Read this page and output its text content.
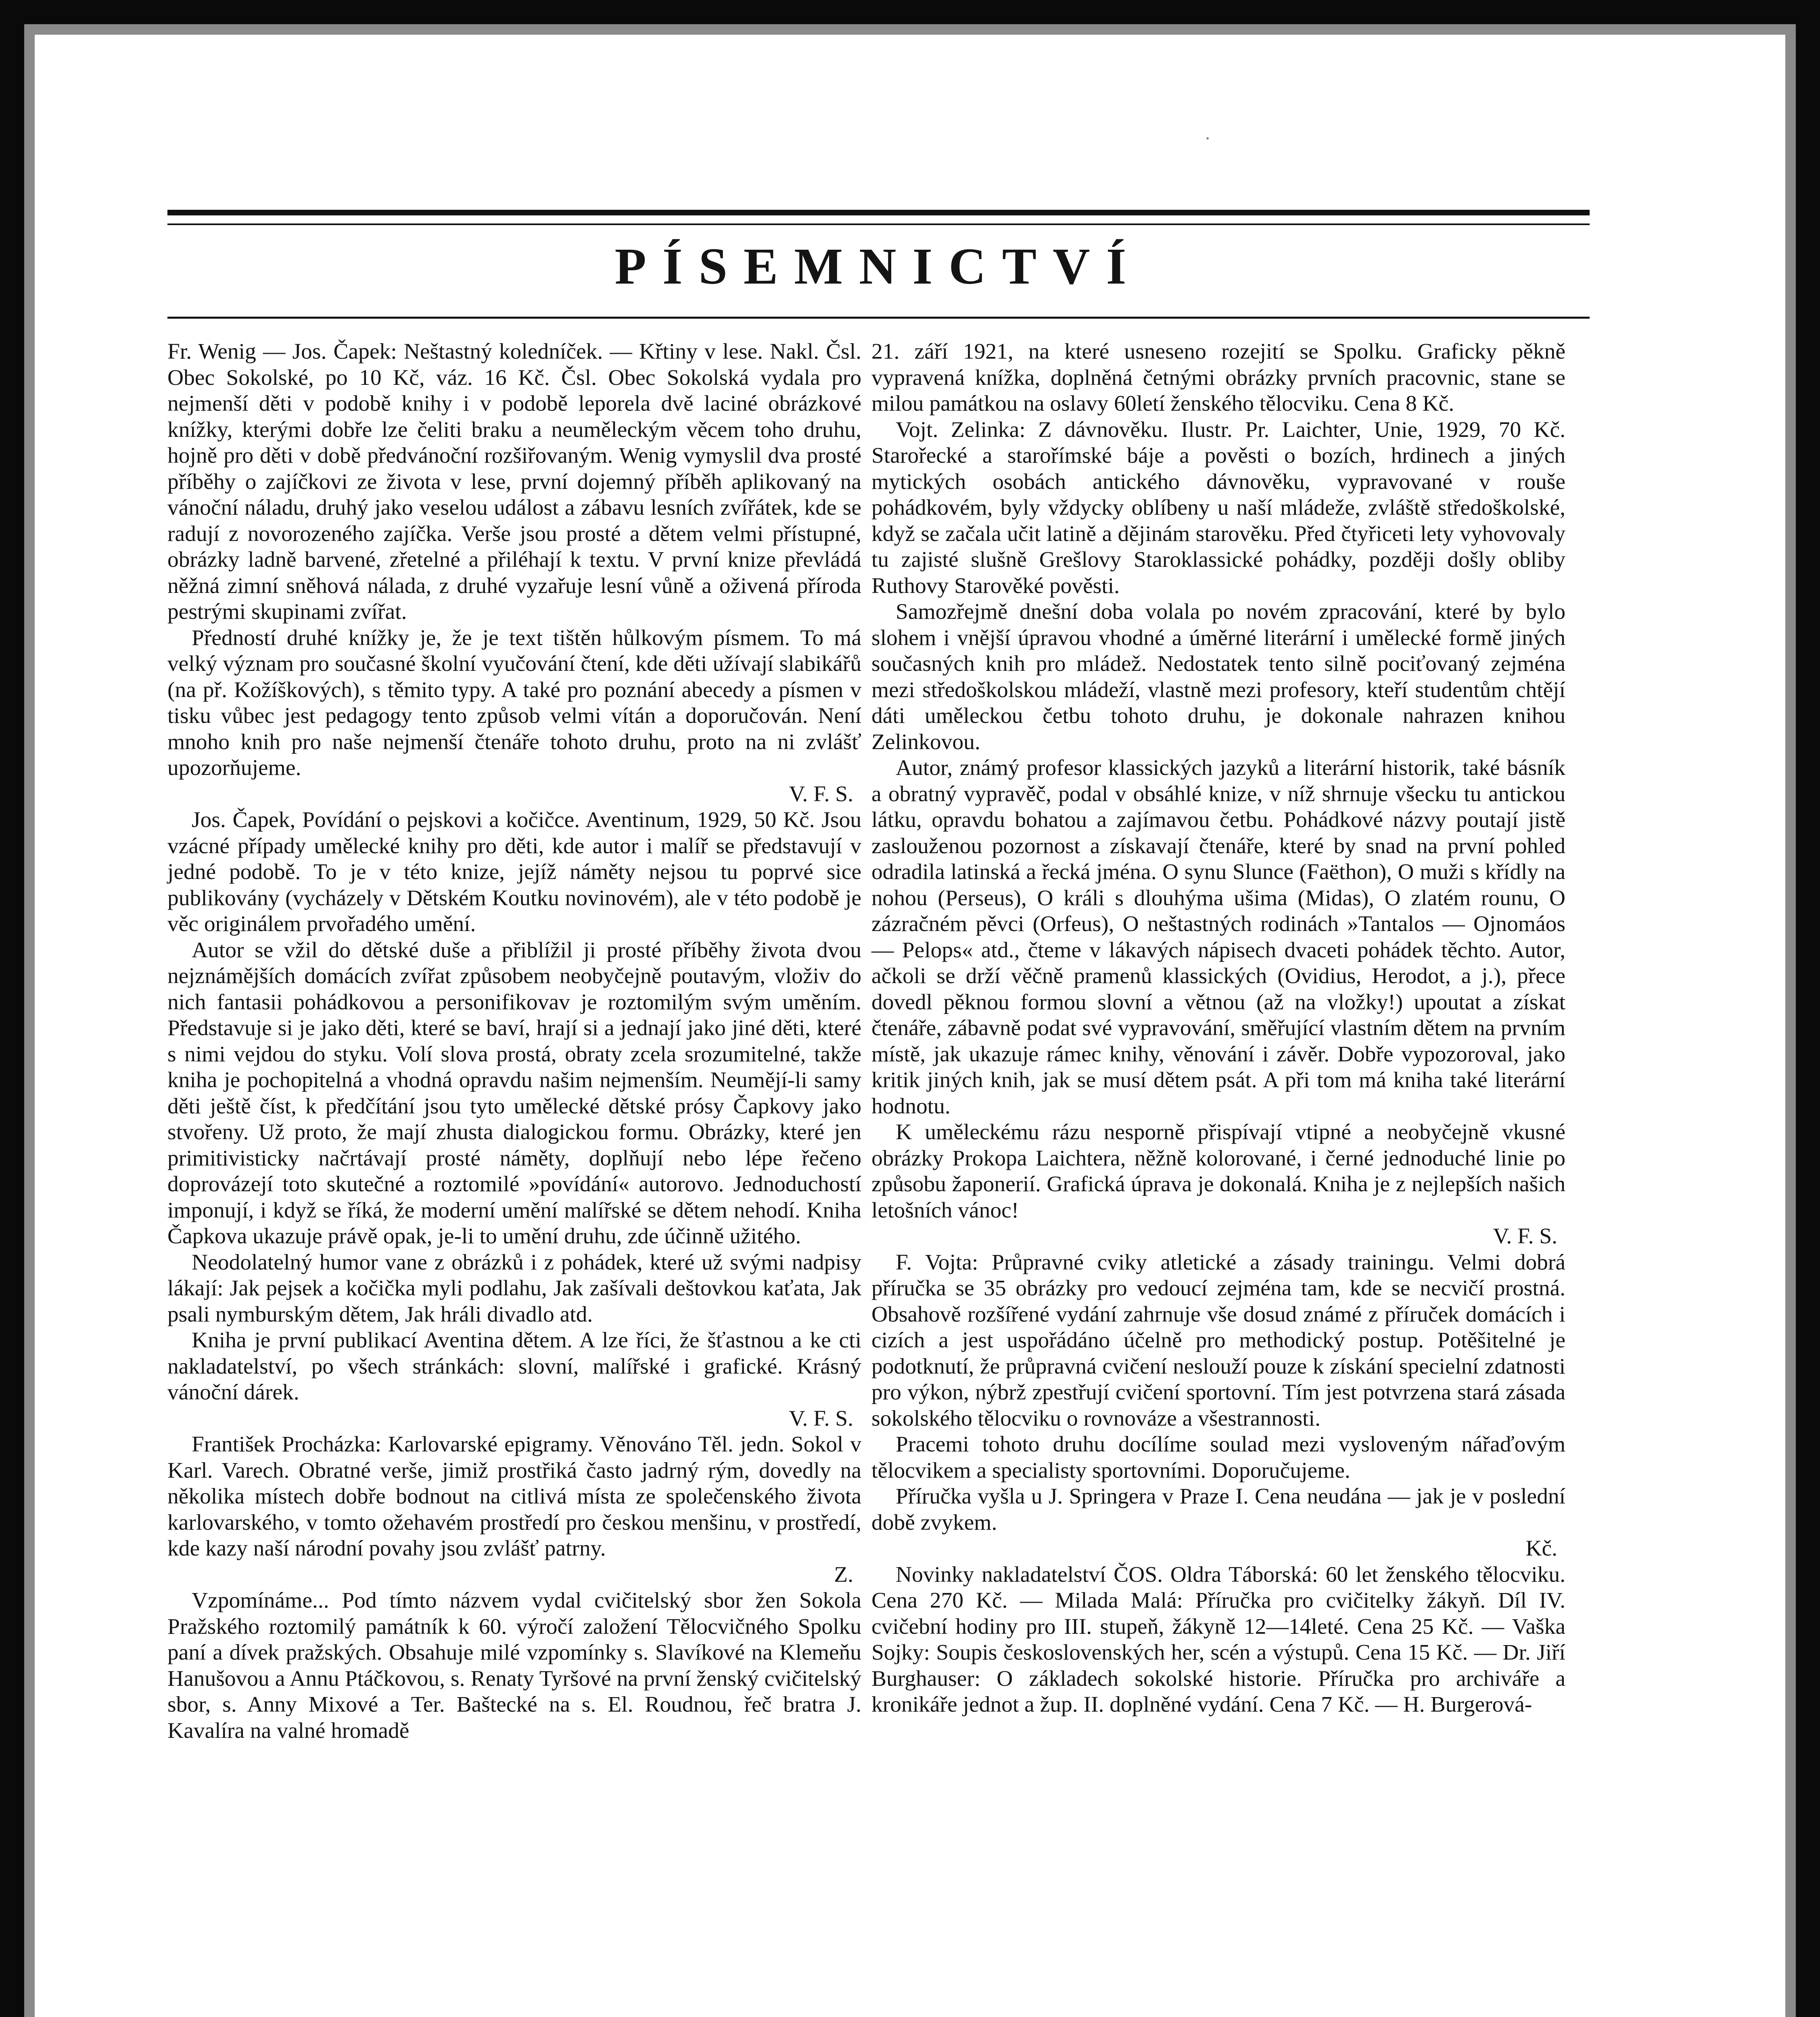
PÍSEMNICTVÍ

Fr. Wenig — Jos. Čapek: Neštastný koledníček. — Křtiny v lese. Nakl. Čsl. Obec Sokolské, po 10 Kč, váz. 16 Kč. Čsl. Obec Sokolská vydala pro nejmenší děti v podobě knihy i v podobě leporela dvě laciné obrázkové knížky, kterými dobře lze čeliti braku a neuměleckým věcem toho druhu, hojně pro děti v době předvánoční rozšiřovaným. Wenig vymyslil dva prosté příběhy o zajíčkovi ze života v lese, první dojemný příběh aplikovaný na vánoční náladu, druhý jako veselou událost a zábavu lesních zvířátek, kde se radují z novorozeného zajíčka. Verše jsou prosté a dětem velmi přístupné, obrázky ladně barvené, zřetelné a přiléhají k textu. V první knize převládá něžná zimní sněhová nálada, z druhé vyzařuje lesní vůně a oživená příroda pestrými skupinami zvířat.

Předností druhé knížky je, že je text tištěn hůlkovým písmem. To má velký význam pro současné školní vyučování čtení, kde děti užívají slabikářů (na př. Kožíškových), s těmito typy. A také pro poznání abecedy a písmen v tisku vůbec jest pedagogy tento způsob velmi vítán a doporučován. Není mnoho knih pro naše nejmenší čtenáře tohoto druhu, proto na ni zvlášť upozorňujeme.

V. F. S.

Jos. Čapek, Povídání o pejskovi a kočičce. Aventinum, 1929, 50 Kč. Jsou vzácné případy umělecké knihy pro děti, kde autor i malíř se představují v jedné podobě. To je v této knize, jejíž náměty nejsou tu poprvé sice publikovány (vycházely v Dětském Koutku novinovém), ale v této podobě je věc originálem prvořadého umění.

Autor se vžil do dětské duše a přiblížil ji prosté příběhy života dvou nejznámějších domácích zvířat způsobem neobyčejně poutavým, vloživ do nich fantasii pohádkovou a personifikovav je roztomilým svým uměním. Představuje si je jako děti, které se baví, hrají si a jednají jako jiné děti, které s nimi vejdou do styku. Volí slova prostá, obraty zcela srozumitelné, takže kniha je pochopitelná a vhodná opravdu našim nejmenším. Neumějí-li samy děti ještě číst, k předčítání jsou tyto umělecké dětské prósy Čapkovy jako stvořeny. Už proto, že mají zhusta dialogickou formu. Obrázky, které jen primitivisticky načrtávají prosté náměty, doplňují nebo lépe řečeno doprovázejí toto skutečné a roztomilé »povídání« autorovo. Jednoduchostí imponují, i když se říká, že moderní umění malířské se dětem nehodí. Kniha Čapkova ukazuje právě opak, je-li to umění druhu, zde účinně užitého.

Neodolatelný humor vane z obrázků i z pohádek, které už svými nadpisy lákají: Jak pejsek a kočička myli podlahu, Jak zašívali deštovkou kaťata, Jak psali nymburským dětem, Jak hráli divadlo atd.

Kniha je první publikací Aventina dětem. A lze říci, že šťastnou a ke cti nakladatelství, po všech stránkách: slovní, malířské i grafické. Krásný vánoční dárek.

V. F. S.

František Procházka: Karlovarské epigramy. Věnováno Těl. jedn. Sokol v Karl. Varech. Obratné verše, jimiž prostřiká často jadrný rým, dovedly na několika místech dobře bodnout na citlivá místa ze společenského života karlovarského, v tomto ožehavém prostředí pro českou menšinu, v prostředí, kde kazy naší národní povahy jsou zvlášť patrny.

Z.

Vzpomínáme... Pod tímto názvem vydal cvičitelský sbor žen Sokola Pražského roztomilý památník k 60. výročí založení Tělocvičného Spolku paní a dívek pražských. Obsahuje milé vzpomínky s. Slavíkové na Klemeňu Hanušovou a Annu Ptáčkovou, s. Renaty Tyršové na první ženský cvičitelský sbor, s. Anny Mixové a Ter. Baštecké na s. El. Roudnou, řeč bratra J. Kavalíra na valné hromadě

21. září 1921, na které usneseno rozejití se Spolku. Graficky pěkně vypravená knížka, doplněná četnými obrázky prvních pracovnic, stane se milou památkou na oslavy 60letí ženského tělocviku. Cena 8 Kč.

Vojt. Zelinka: Z dávnověku. Ilustr. Pr. Laichter, Unie, 1929, 70 Kč. Starořecké a starořímské báje a pověsti o bozích, hrdinech a jiných mytických osobách antického dávnověku, vypravované v rouše pohádkovém, byly vždycky oblíbeny u naší mládeže, zvláště středoškolské, když se začala učit latině a dějinám starověku. Před čtyřiceti lety vyhovovaly tu zajisté slušně Grešlovy Staroklassické pohádky, později došly obliby Ruthovy Starověké pověsti.

Samozřejmě dnešní doba volala po novém zpracování, které by bylo slohem i vnější úpravou vhodné a úměrné literární i umělecké formě jiných současných knih pro mládež. Nedostatek tento silně pociťovaný zejména mezi středoškolskou mládeží, vlastně mezi profesory, kteří studentům chtějí dáti uměleckou četbu tohoto druhu, je dokonale nahrazen knihou Zelinkovou.

Autor, známý profesor klassických jazyků a literární historik, také básník a obratný vypravěč, podal v obsáhlé knize, v níž shrnuje všecku tu antickou látku, opravdu bohatou a zajímavou četbu. Pohádkové názvy poutají jistě zaslouženou pozornost a získavají čtenáře, které by snad na první pohled odradila latinská a řecká jména. O synu Slunce (Faëthon), O muži s křídly na nohou (Perseus), O králi s dlouhýma ušima (Midas), O zlatém rounu, O zázračném pěvci (Orfeus), O neštastných rodinách »Tantalos — Ojnomáos — Pelops« atd., čteme v lákavých nápisech dvaceti pohádek těchto. Autor, ačkoli se drží věčně pramenů klassických (Ovidius, Herodot, a j.), přece dovedl pěknou formou slovní a větnou (až na vložky!) upoutat a získat čtenáře, zábavně podat své vypravování, směřující vlastním dětem na prvním místě, jak ukazuje rámec knihy, věnování i závěr. Dobře vypozoroval, jako kritik jiných knih, jak se musí dětem psát. A při tom má kniha také literární hodnotu.

K uměleckému rázu nesporně přispívají vtipné a neobyčejně vkusné obrázky Prokopa Laichtera, něžně kolorované, i černé jednoduché linie po způsobu žaponerií. Grafická úprava je dokonalá. Kniha je z nejlepších našich letošních vánoc!

V. F. S.

F. Vojta: Průpravné cviky atletické a zásady trainingu. Velmi dobrá příručka se 35 obrázky pro vedoucí zejména tam, kde se necvičí prostná. Obsahově rozšířené vydání zahrnuje vše dosud známé z příruček domácích i cizích a jest uspořádáno účelně pro methodický postup. Potěšitelné je podotknutí, že průpravná cvičení neslouží pouze k získání specielní zdatnosti pro výkon, nýbrž zpestřují cvičení sportovní. Tím jest potvrzena stará zásada sokolského tělocviku o rovnováze a všestrannosti.

Pracemi tohoto druhu docílíme soulad mezi vysloveným nářaďovým tělocvikem a specialisty sportovními. Doporučujeme.

Příručka vyšla u J. Springera v Praze I. Cena neudána — jak je v poslední době zvykem.

Kč.

Novinky nakladatelství ČOS. Oldra Táborská: 60 let ženského tělocviku. Cena 270 Kč. — Milada Malá: Příručka pro cvičitelky žákyň. Díl IV. cvičební hodiny pro III. stupeň, žákyně 12—14leté. Cena 25 Kč. — Vaška Sojky: Soupis československých her, scén a výstupů. Cena 15 Kč. — Dr. Jiří Burghauser: O základech sokolské historie. Příručka pro archiváře a kronikáře jednot a žup. II. doplněné vydání. Cena 7 Kč. — H. Burgerová-
